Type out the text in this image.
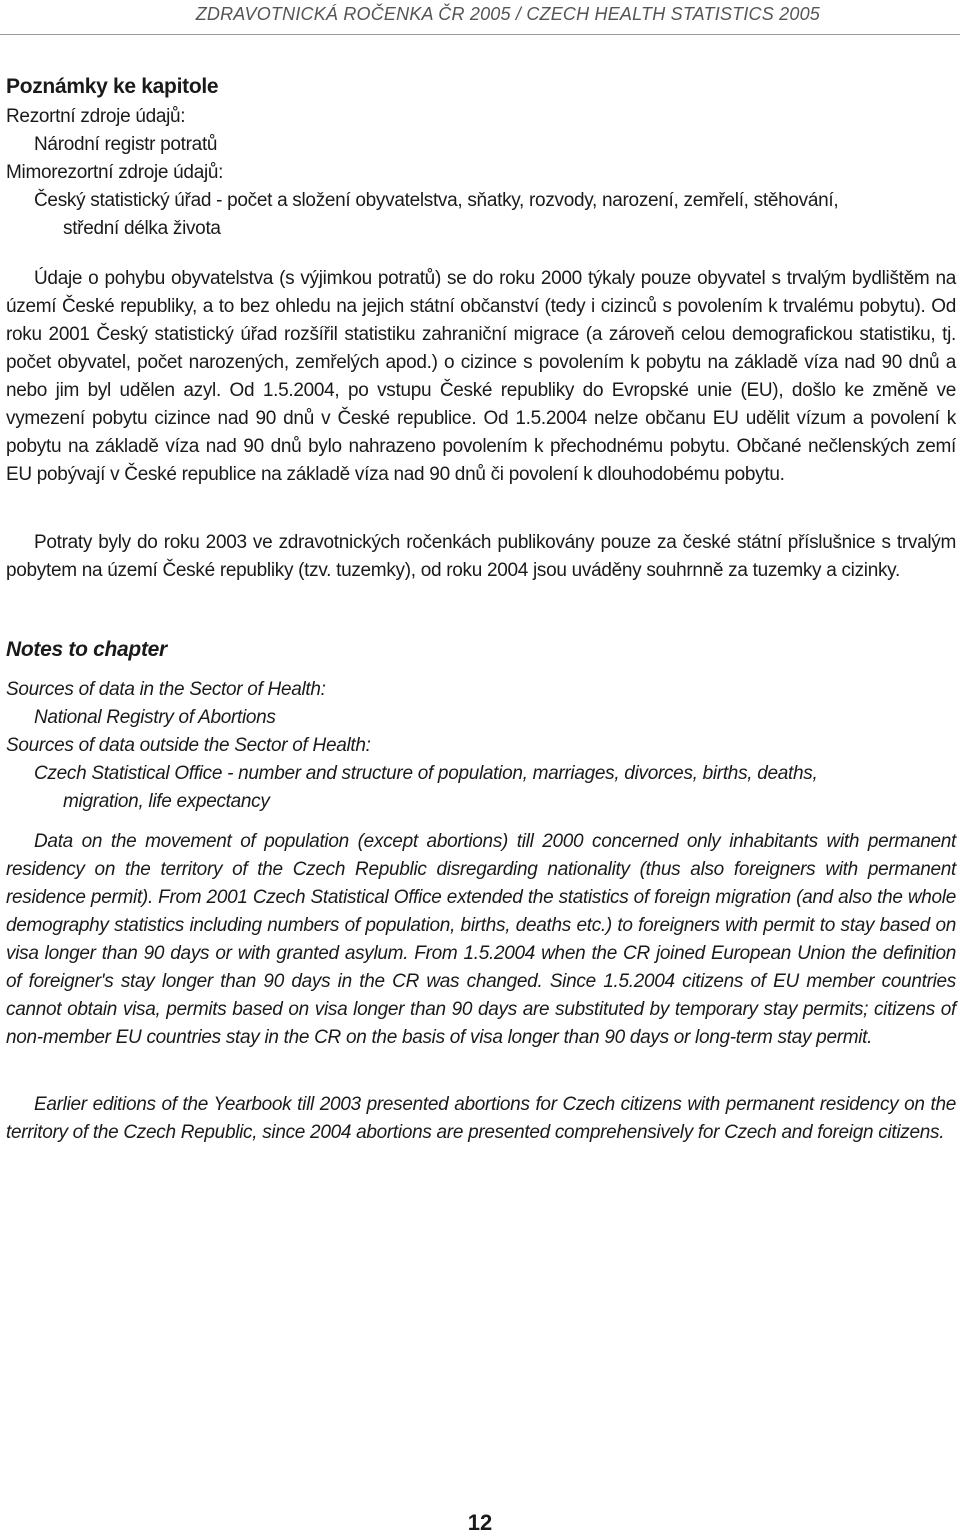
ZDRAVOTNICKÁ ROČENKA ČR 2005 / CZECH HEALTH STATISTICS 2005
Poznámky ke kapitole
Rezortní zdroje údajů:
Národní registr potratů
Mimorezortní zdroje údajů:
Český statistický úřad - počet a složení obyvatelstva, sňatky, rozvody, narození, zemřelí, stěhování,
střední délka života
Údaje o pohybu obyvatelstva (s výjimkou potratů) se do roku 2000 týkaly pouze obyvatel s trvalým bydlištěm na území České republiky, a to bez ohledu na jejich státní občanství (tedy i cizinců s povolením k trvalému pobytu). Od roku 2001 Český statistický úřad rozšířil statistiku zahraniční migrace (a zároveň celou demografickou statistiku, tj. počet obyvatel, počet narozených, zemřelých apod.) o cizince s povolením k pobytu na základě víza nad 90 dnů a nebo jim byl udělen azyl. Od 1.5.2004, po vstupu České republiky do Evropské unie (EU), došlo ke změně ve vymezení pobytu cizince nad 90 dnů v České republice. Od 1.5.2004 nelze občanu EU udělit vízum a povolení k pobytu na základě víza nad 90 dnů bylo nahrazeno povolením k přechodnému pobytu. Občané nečlenských zemí EU pobývají v České republice na základě víza nad 90 dnů či povolení k dlouhodobému pobytu.
Potraty byly do roku 2003 ve zdravotnických ročenkách publikovány pouze za české státní příslušnice s trvalým pobytem na území České republiky (tzv. tuzemky), od roku 2004 jsou uváděny souhrnně za tuzemky a cizinky.
Notes to chapter
Sources of data in the Sector of Health:
National Registry of Abortions
Sources of data outside the Sector of Health:
Czech Statistical Office - number and structure of population, marriages, divorces, births, deaths,
migration, life expectancy
Data on the movement of population (except abortions) till 2000 concerned only inhabitants with permanent residency on the territory of the Czech Republic disregarding nationality (thus also foreigners with permanent residence permit). From 2001 Czech Statistical Office extended the statistics of foreign migration (and also the whole demography statistics including numbers of population, births, deaths etc.) to foreigners with permit to stay based on visa longer than 90 days or with granted asylum. From 1.5.2004 when the CR joined European Union the definition of foreigner's stay longer than 90 days in the CR was changed. Since 1.5.2004 citizens of EU member countries cannot obtain visa, permits based on visa longer than 90 days are substituted by temporary stay permits; citizens of non-member EU countries stay in the CR on the basis of visa longer than 90 days or long-term stay permit.
Earlier editions of the Yearbook till 2003 presented abortions for Czech citizens with permanent residency on the territory of the Czech Republic, since 2004 abortions are presented comprehensively for Czech and foreign citizens.
12
